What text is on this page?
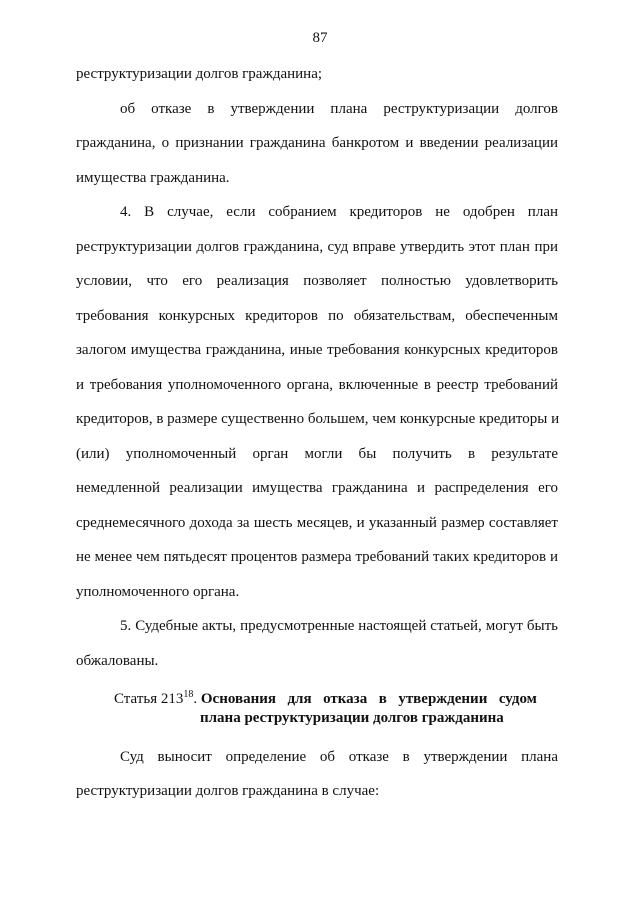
87
реструктуризации долгов гражданина;
об отказе в утверждении плана реструктуризации долгов
гражданина, о признании гражданина банкротом и введении реализации
имущества гражданина.
4. В случае, если собранием кредиторов не одобрен план
реструктуризации долгов гражданина, суд вправе утвердить этот план при
условии, что его реализация позволяет полностью удовлетворить
требования конкурсных кредиторов по обязательствам, обеспеченным
залогом имущества гражданина, иные требования конкурсных кредиторов
и требования уполномоченного органа, включенные в реестр требований
кредиторов, в размере существенно большем, чем конкурсные кредиторы и
(или) уполномоченный орган могли бы получить в результате
немедленной реализации имущества гражданина и распределения его
среднемесячного дохода за шесть месяцев, и указанный размер составляет
не менее чем пятьдесят процентов размера требований таких кредиторов и
уполномоченного органа.
5. Судебные акты, предусмотренные настоящей статьей, могут быть
обжалованы.
Статья $213^{18}$. Основания для отказа в утверждении судом
плана реструктуризации долгов гражданина
Суд выносит определение об отказе в утверждении плана
реструктуризации долгов гражданина в случае:
